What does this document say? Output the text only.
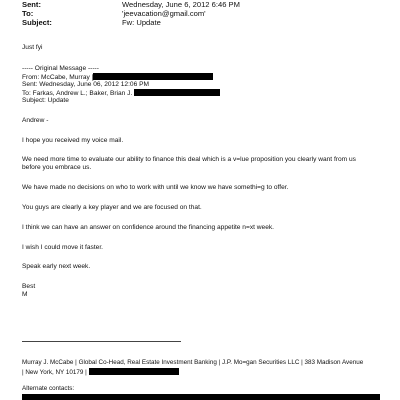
Sent:	Wednesday, June 6, 2012 6:46 PM
To:	'jeevacation@gmail.com'
Subject:	Fw: Update
Just fyi
----- Original Message -----
From: McCabe, Murray [
Sent: Wednesday, June 06, 2012 12:06 PM
To: Farkas, Andrew L.; Baker, Brian J.
Subject: Update
Andrew -
I hope you received my voice mail.
We need more time to evaluate our ability to finance this deal which is a v=lue proposition you clearly want from us
before you embrace us.
We have made no decisions on who to work with until we know we have somethi=g to offer.
You guys are clearly a key player and we are focused on that.
I think we can have an answer on confidence around the financing appetite n=xt week.
I wish I could move it faster.
Speak early next week.
Best
M
Murray J. McCabe | Global Co-Head, Real Estate Investment Banking | J.P. Mo=gan Securities LLC | 383 Madison Avenue
| New York, NY 10179 |
Alternate contacts:
